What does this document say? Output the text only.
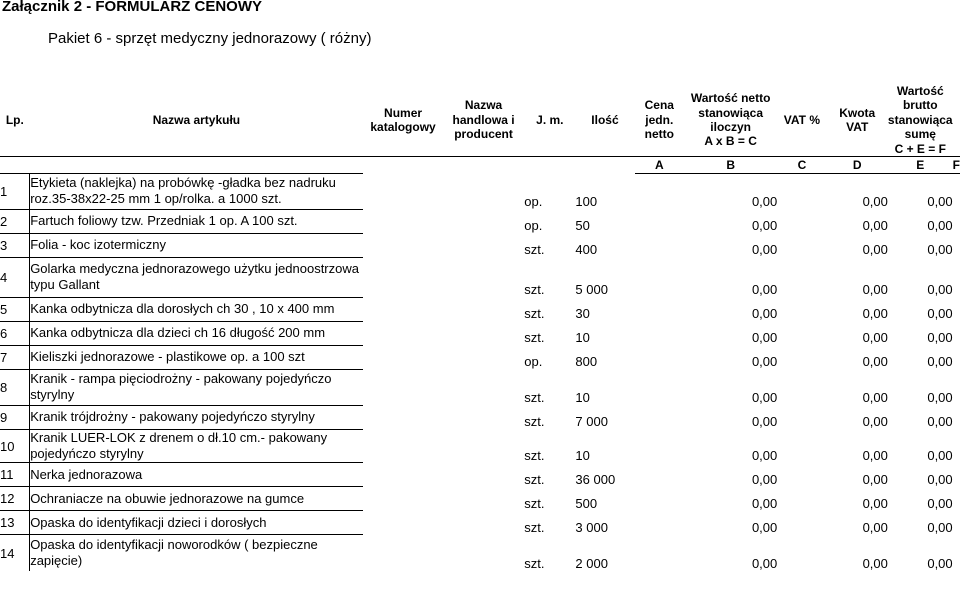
Załącznik 2 - FORMULARZ CENOWY
Pakiet 6 - sprzęt medyczny jednorazowy ( różny)
Lp.	Nazwa artykułu	Numer
katalogowy	Nazwa
handlowa i
producent	J. m.	Ilość	Cena
jedn.
netto	Wartość netto
stanowiąca
iloczyn
A x B = C	VAT %	Kwota VAT	Wartość
brutto
stanowiąca
sumę
C + E = F	
						A	B	C	D	E	F
1	Etykieta (naklejka) na probówkę -gładka bez nadruku roz.35-38x22-25 mm 1 op/rolka. a 1000 szt.			op.	100		0,00		0,00	0,00	
2	Fartuch foliowy tzw. Przedniak 1 op. A 100 szt.			op.	50		0,00		0,00	0,00	
3	Folia - koc izotermiczny			szt.	400		0,00		0,00	0,00	
4	Golarka medyczna jednorazowego użytku jednoostrzowa typu Gallant			szt.	5 000		0,00		0,00	0,00	
5	Kanka odbytnicza dla dorosłych ch 30 , 10 x 400 mm			szt.	30		0,00		0,00	0,00	
6	Kanka odbytnicza dla dzieci ch 16 długość 200 mm			szt.	10		0,00		0,00	0,00	
7	Kieliszki jednorazowe - plastikowe op. a 100 szt			op.	800		0,00		0,00	0,00	
8	Kranik - rampa pięciodrożny - pakowany pojedyńczo styrylny			szt.	10		0,00		0,00	0,00	
9	Kranik trójdrożny - pakowany pojedyńczo styrylny			szt.	7 000		0,00		0,00	0,00	
10	Kranik LUER-LOK z drenem o dł.10 cm.- pakowany pojedyńczo styrylny			szt.	10		0,00		0,00	0,00	
11	Nerka jednorazowa			szt.	36 000		0,00		0,00	0,00	
12	Ochraniacze na obuwie jednorazowe na gumce			szt.	500		0,00		0,00	0,00	
13	Opaska do identyfikacji dzieci i dorosłych			szt.	3 000		0,00		0,00	0,00	
14	Opaska do identyfikacji noworodków ( bezpieczne zapięcie)			szt.	2 000		0,00		0,00	0,00	
